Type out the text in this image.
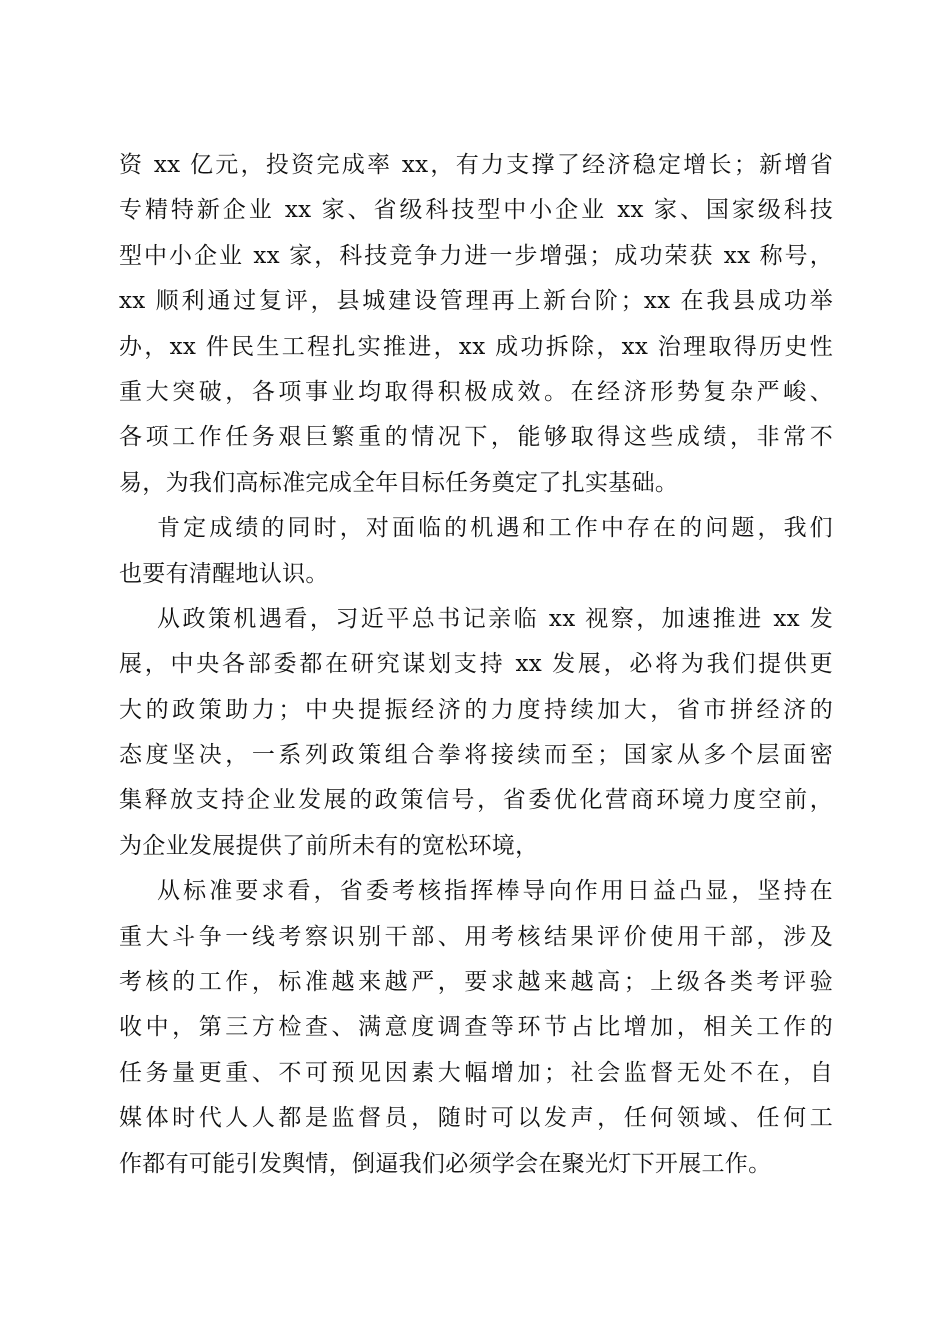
资 xx 亿元，投资完成率 xx，有力支撑了经济稳定增长；新增省
专精特新企业 xx 家、省级科技型中小企业 xx 家、国家级科技
型中小企业 xx 家，科技竞争力进一步增强；成功荣获 xx 称号，
xx 顺利通过复评，县城建设管理再上新台阶；xx 在我县成功举
办，xx 件民生工程扎实推进，xx 成功拆除，xx 治理取得历史性
重大突破，各项事业均取得积极成效。在经济形势复杂严峻、
各项工作任务艰巨繁重的情况下，能够取得这些成绩，非常不
易，为我们高标准完成全年目标任务奠定了扎实基础。
肯定成绩的同时，对面临的机遇和工作中存在的问题，我们
也要有清醒地认识。
从政策机遇看，习近平总书记亲临 xx 视察，加速推进 xx 发
展，中央各部委都在研究谋划支持 xx 发展，必将为我们提供更
大的政策助力；中央提振经济的力度持续加大，省市拼经济的
态度坚决，一系列政策组合拳将接续而至；国家从多个层面密
集释放支持企业发展的政策信号，省委优化营商环境力度空前，
为企业发展提供了前所未有的宽松环境，
从标准要求看，省委考核指挥棒导向作用日益凸显，坚持在
重大斗争一线考察识别干部、用考核结果评价使用干部，涉及
考核的工作，标准越来越严，要求越来越高；上级各类考评验
收中，第三方检查、满意度调查等环节占比增加，相关工作的
任务量更重、不可预见因素大幅增加；社会监督无处不在，自
媒体时代人人都是监督员，随时可以发声，任何领域、任何工
作都有可能引发舆情，倒逼我们必须学会在聚光灯下开展工作。
